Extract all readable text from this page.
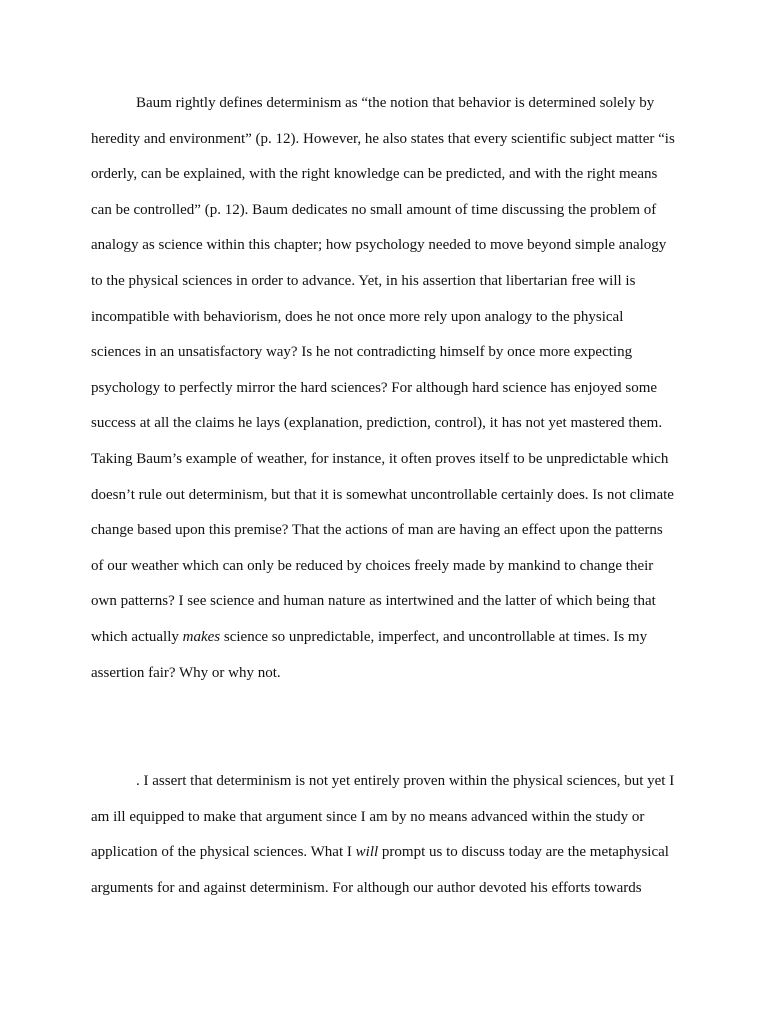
Baum rightly defines determinism as “the notion that behavior is determined solely by
heredity and environment” (p. 12). However, he also states that every scientific subject matter “is
orderly, can be explained, with the right knowledge can be predicted, and with the right means
can be controlled” (p. 12). Baum dedicates no small amount of time discussing the problem of
analogy as science within this chapter; how psychology needed to move beyond simple analogy
to the physical sciences in order to advance. Yet, in his assertion that libertarian free will is
incompatible with behaviorism, does he not once more rely upon analogy to the physical
sciences in an unsatisfactory way? Is he not contradicting himself by once more expecting
psychology to perfectly mirror the hard sciences? For although hard science has enjoyed some
success at all the claims he lays (explanation, prediction, control), it has not yet mastered them.
Taking Baum’s example of weather, for instance, it often proves itself to be unpredictable which
doesn’t rule out determinism, but that it is somewhat uncontrollable certainly does. Is not climate
change based upon this premise? That the actions of man are having an effect upon the patterns
of our weather which can only be reduced by choices freely made by mankind to change their
own patterns? I see science and human nature as intertwined and the latter of which being that
which actually makes science so unpredictable, imperfect, and uncontrollable at times. Is my
assertion fair? Why or why not.

. I assert that determinism is not yet entirely proven within the physical sciences, but yet I
am ill equipped to make that argument since I am by no means advanced within the study or
application of the physical sciences. What I will prompt us to discuss today are the metaphysical
arguments for and against determinism. For although our author devoted his efforts towards
